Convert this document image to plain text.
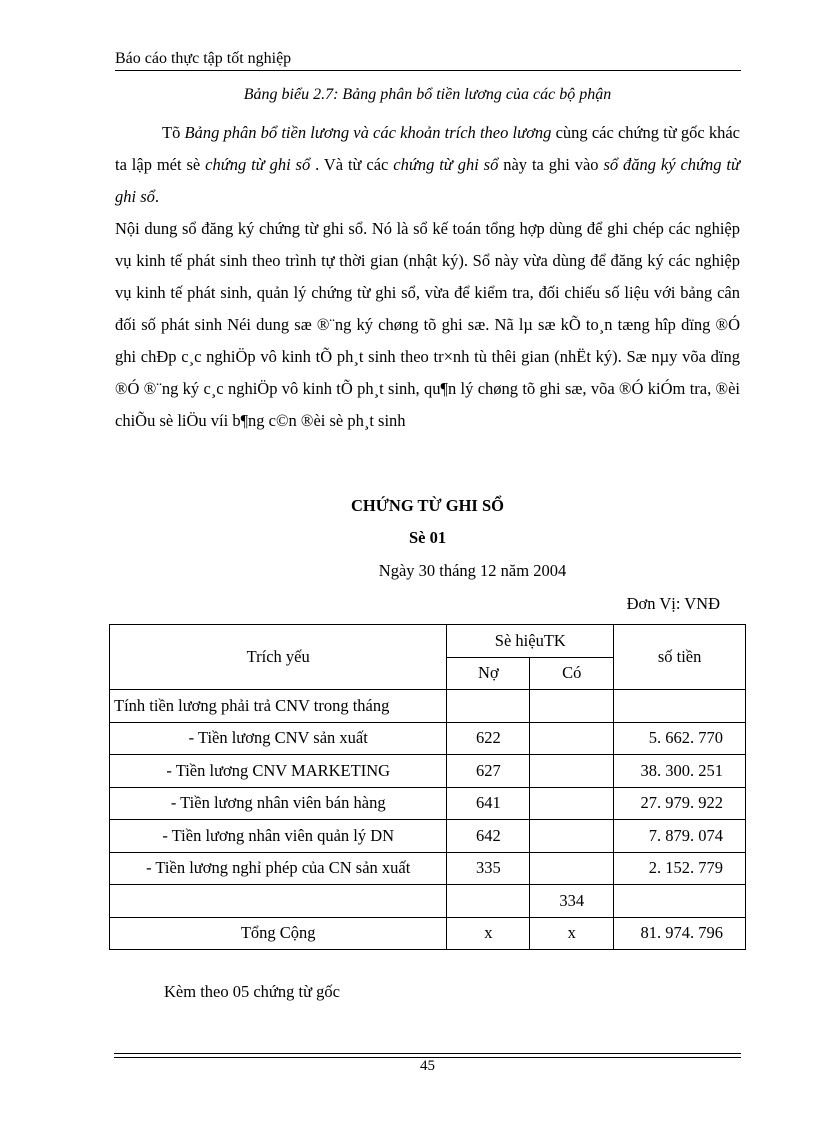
Báo cáo thực tập tốt nghiệp
Bảng biểu 2.7: Bảng phân bổ tiền lương của các bộ phận

Tõ Bảng phân bổ tiền lương và các khoản trích theo lương cùng các chứng từ gốc khác ta lập mét sè chứng từ ghi sổ . Và từ các chứng từ ghi sổ này ta ghi vào sổ đăng ký chứng từ ghi sổ.

Nội dung sổ đăng ký chứng từ ghi sổ. Nó là sổ kế toán tổng hợp dùng để ghi chép các nghiệp vụ kinh tế phát sinh theo trình tự thời gian (nhật ký). Sổ này vừa dùng để đăng ký các nghiệp vụ kinh tế phát sinh, quản lý chứng từ ghi sổ, vừa để kiểm tra, đối chiếu số liệu với bảng cân đối số phát sinh Néi dung sæ ®¨ng ký chøng tõ ghi sæ. Nã lµ sæ kÕ to¸n tæng hîp dïng ®Ó ghi chÐp c¸c nghiÖp vô kinh tÕ ph¸t sinh theo tr×nh tù thêi gian (nhËt ký). Sæ nµy võa dïng ®Ó ®¨ng ký c¸c nghiÖp vô kinh tÕ ph¸t sinh, qu¶n lý chøng tõ ghi sæ, võa ®Ó kiÓm tra, ®èi chiÕu sè liÖu víi b¶ng c©n ®èi sè ph¸t sinh

CHỨNG TỪ GHI SỔ
Sè 01
Ngày 30 tháng 12 năm 2004
Đơn Vị: VNĐ
Trích yếu	Sè hiệuTK		số tiền
	Nợ	Có	
Tính tiền lương phải trả CNV trong tháng			
- Tiền lương CNV sản xuất	622		5. 662. 770
- Tiền lương CNV MARKETING	627		38. 300. 251
- Tiền lương nhân viên bán hàng	641		27. 979. 922
- Tiền lương nhân viên quản lý DN	642		7. 879. 074
- Tiền lương nghỉ phép của CN sản xuất	335		2. 152. 779
		334	
Tổng Cộng	x	x	81. 974. 796
Kèm theo 05 chứng từ gốc
45
